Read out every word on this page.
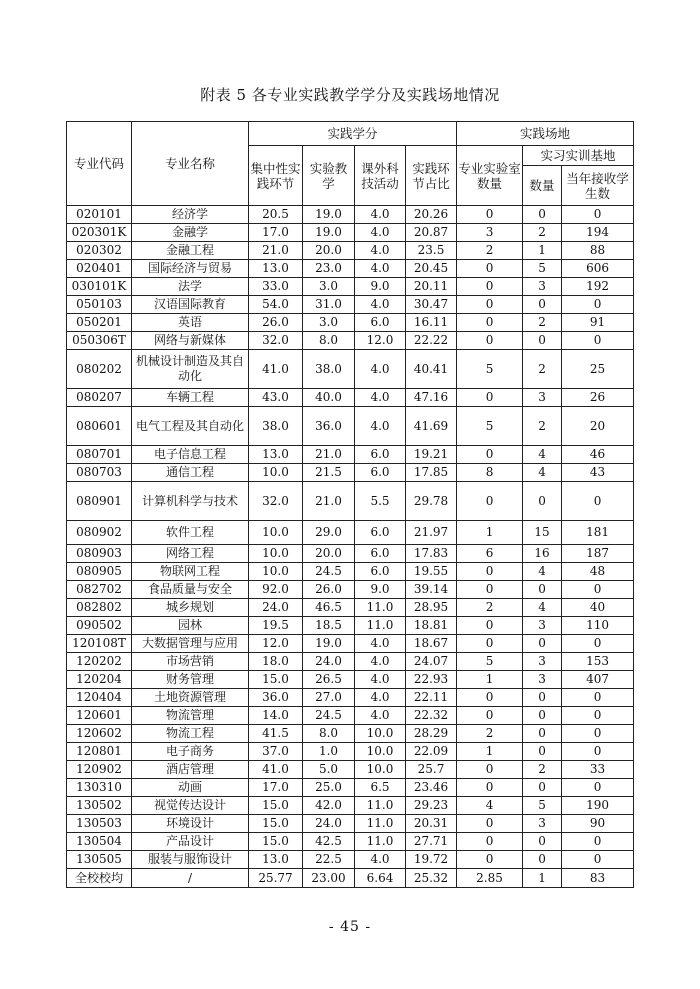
附表 5 各专业实践教学学分及实践场地情况
专业代码	专业名称	实践学分				实践场地		
		集中性实践环节	实验教学	课外科技活动	实践环节占比	专业实验室数量	实习实训基地	
							数量	当年接收学生数
020101	经济学	20.5	19.0	4.0	20.26	0	0	0
020301K	金融学	17.0	19.0	4.0	20.87	3	2	194
020302	金融工程	21.0	20.0	4.0	23.5	2	1	88
020401	国际经济与贸易	13.0	23.0	4.0	20.45	0	5	606
030101K	法学	33.0	3.0	9.0	20.11	0	3	192
050103	汉语国际教育	54.0	31.0	4.0	30.47	0	0	0
050201	英语	26.0	3.0	6.0	16.11	0	2	91
050306T	网络与新媒体	32.0	8.0	12.0	22.22	0	0	0
080202	机械设计制造及其自动化	41.0	38.0	4.0	40.41	5	2	25
080207	车辆工程	43.0	40.0	4.0	47.16	0	3	26
080601	电气工程及其自动化	38.0	36.0	4.0	41.69	5	2	20
080701	电子信息工程	13.0	21.0	6.0	19.21	0	4	46
080703	通信工程	10.0	21.5	6.0	17.85	8	4	43
080901	计算机科学与技术	32.0	21.0	5.5	29.78	0	0	0
080902	软件工程	10.0	29.0	6.0	21.97	1	15	181
080903	网络工程	10.0	20.0	6.0	17.83	6	16	187
080905	物联网工程	10.0	24.5	6.0	19.55	0	4	48
082702	食品质量与安全	92.0	26.0	9.0	39.14	0	0	0
082802	城乡规划	24.0	46.5	11.0	28.95	2	4	40
090502	园林	19.5	18.5	11.0	18.81	0	3	110
120108T	大数据管理与应用	12.0	19.0	4.0	18.67	0	0	0
120202	市场营销	18.0	24.0	4.0	24.07	5	3	153
120204	财务管理	15.0	26.5	4.0	22.93	1	3	407
120404	土地资源管理	36.0	27.0	4.0	22.11	0	0	0
120601	物流管理	14.0	24.5	4.0	22.32	0	0	0
120602	物流工程	41.5	8.0	10.0	28.29	2	0	0
120801	电子商务	37.0	1.0	10.0	22.09	1	0	0
120902	酒店管理	41.0	5.0	10.0	25.7	0	2	33
130310	动画	17.0	25.0	6.5	23.46	0	0	0
130502	视觉传达设计	15.0	42.0	11.0	29.23	4	5	190
130503	环境设计	15.0	24.0	11.0	20.31	0	3	90
130504	产品设计	15.0	42.5	11.0	27.71	0	0	0
130505	服装与服饰设计	13.0	22.5	4.0	19.72	0	0	0
全校校均	/	25.77	23.00	6.64	25.32	2.85	1	83
- 45 -
